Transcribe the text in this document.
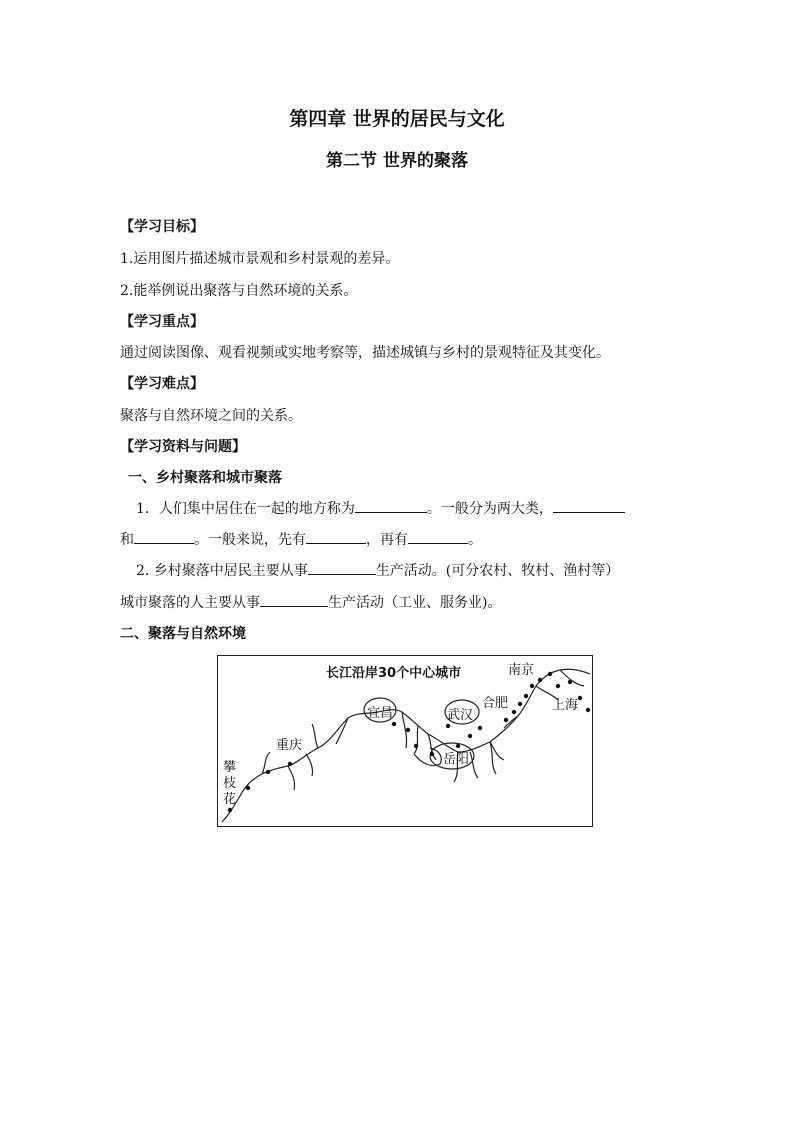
第四章 世界的居民与文化
第二节 世界的聚落
【学习目标】
1.运用图片描述城市景观和乡村景观的差异。
2.能举例说出聚落与自然环境的关系。
【学习重点】
通过阅读图像、观看视频或实地考察等，描述城镇与乡村的景观特征及其变化。
【学习难点】
聚落与自然环境之间的关系。
【学习资料与问题】
一、乡村聚落和城市聚落
1．人们集中居住在一起的地方称为	。一般分为两大类，
和	。一般来说，先有	，再有	。
2. 乡村聚落中居民主要从事	生产活动。(可分农村、牧村、渔村等）
城市聚落的人主要从事	生产活动（工业、服务业)。
二、聚落与自然环境
长江沿岸30个中心城市	南京
上海
合肥
宜昌	武汉
岳阳
重庆
攀枝花
